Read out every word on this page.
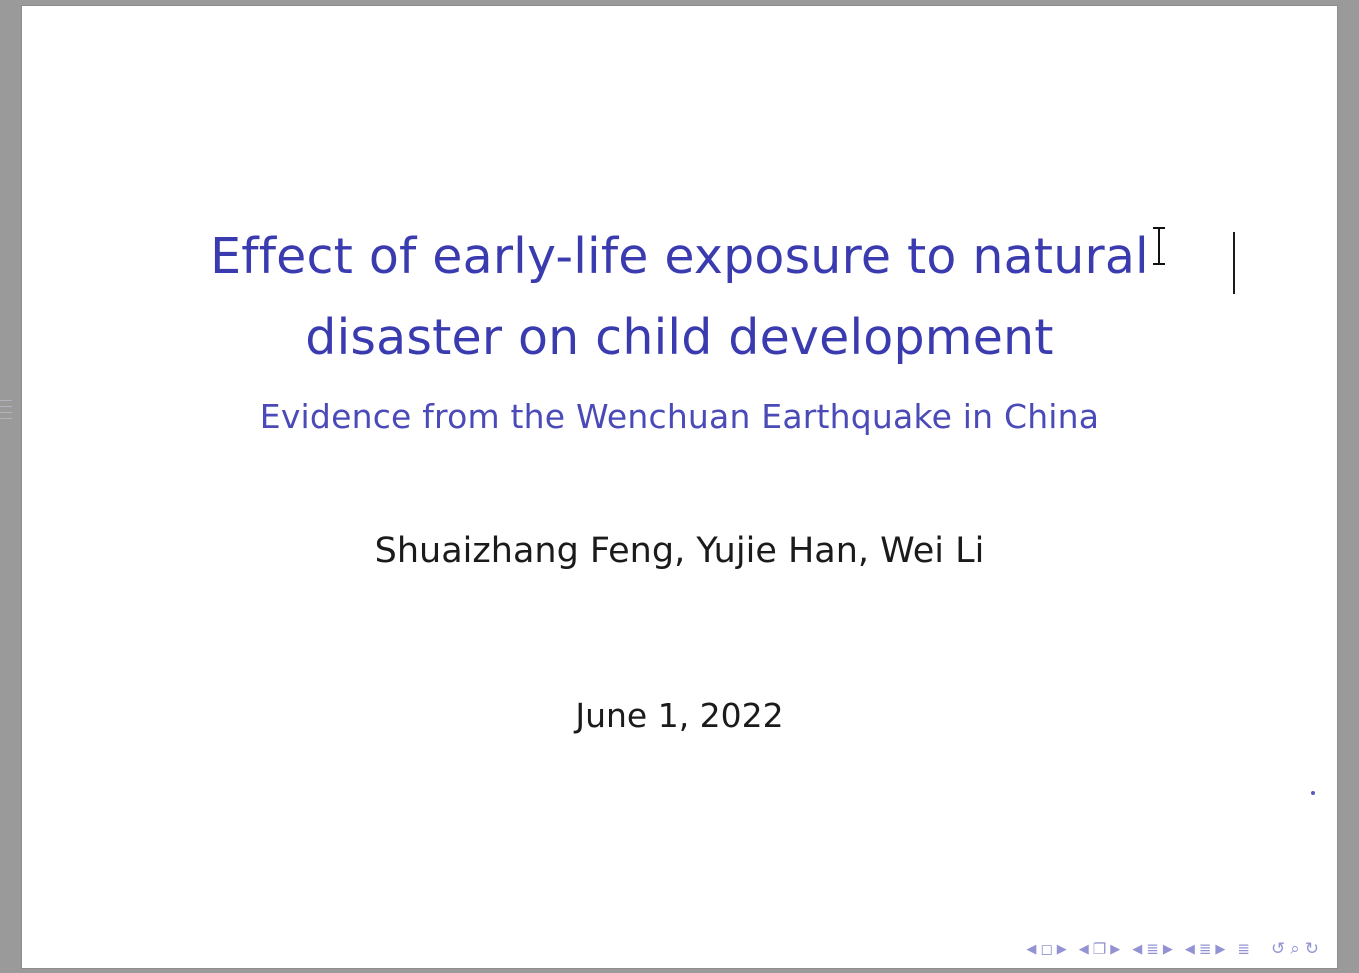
Effect of early-life exposure to natural disaster on child development
Evidence from the Wenchuan Earthquake in China
Shuaizhang Feng, Yujie Han, Wei Li
June 1, 2022
◀ ◻ ▶ ◀ ❐ ▶ ◀ ≣ ▶ ◀ ≣ ▶ ≣ ↺ ⌕ ↻
